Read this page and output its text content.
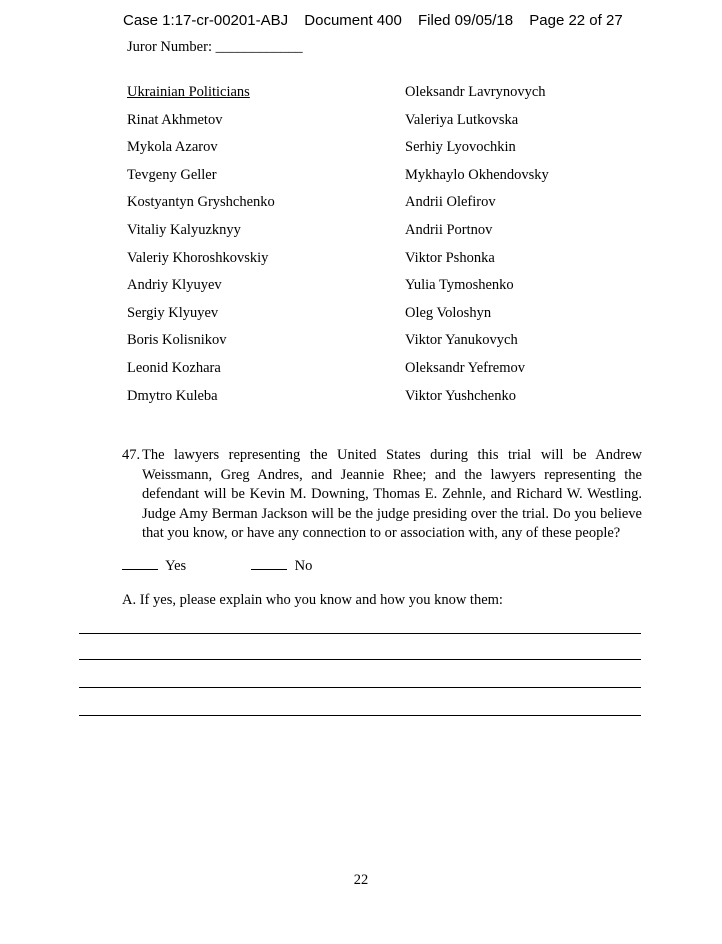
Case 1:17-cr-00201-ABJ Document 400 Filed 09/05/18 Page 22 of 27
Juror Number: ____________
Ukrainian Politicians
Rinat Akhmetov
Mykola Azarov
Tevgeny Geller
Kostyantyn Gryshchenko
Vitaliy Kalyuzknyy
Valeriy Khoroshkovskiy
Andriy Klyuyev
Sergiy Klyuyev
Boris Kolisnikov
Leonid Kozhara
Dmytro Kuleba
Oleksandr Lavrynovych
Valeriya Lutkovska
Serhiy Lyovochkin
Mykhaylo Okhendovsky
Andrii Olefirov
Andrii Portnov
Viktor Pshonka
Yulia Tymoshenko
Oleg Voloshyn
Viktor Yanukovych
Oleksandr Yefremov
Viktor Yushchenko
47. The lawyers representing the United States during this trial will be Andrew Weissmann, Greg Andres, and Jeannie Rhee; and the lawyers representing the defendant will be Kevin M. Downing, Thomas E. Zehnle, and Richard W. Westling. Judge Amy Berman Jackson will be the judge presiding over the trial. Do you believe that you know, or have any connection to or association with, any of these people?
Yes	No
A. If yes, please explain who you know and how you know them:
22
